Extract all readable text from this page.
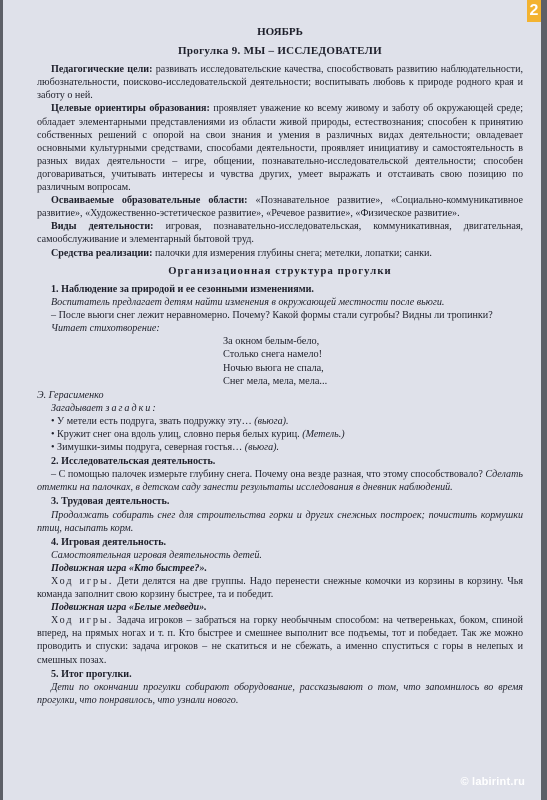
2

НОЯБРЬ

Прогулка 9. МЫ – ИССЛЕДОВАТЕЛИ

Педагогические цели: развивать исследовательские качества, способствовать развитию наблюдательности, любознательности, поисково-исследовательской деятельности; воспитывать любовь к природе родного края и заботу о ней.

Целевые ориентиры образования: проявляет уважение ко всему живому и заботу об окружающей среде; обладает элементарными представлениями из области живой природы, естествознания; способен к принятию собственных решений с опорой на свои знания и умения в различных видах деятельности; овладевает основными культурными средствами, способами деятельности, проявляет инициативу и самостоятельность в разных видах деятельности – игре, общении, познавательно-исследовательской деятельности; способен договариваться, учитывать интересы и чувства других, умеет выражать и отстаивать свою позицию по различным вопросам.

Осваиваемые образовательные области: «Познавательное развитие», «Социально-коммуникативное развитие», «Художественно-эстетическое развитие», «Речевое развитие», «Физическое развитие».

Виды деятельности: игровая, познавательно-исследовательская, коммуникативная, двигательная, самообслуживание и элементарный бытовой труд.

Средства реализации: палочки для измерения глубины снега; метелки, лопатки; санки.

Организационная структура прогулки

1. Наблюдение за природой и ее сезонными изменениями.

Воспитатель предлагает детям найти изменения в окружающей местности после вьюги.

– После вьюги снег лежит неравномерно. Почему? Какой формы стали сугробы? Видны ли тропинки?

Читает стихотворение:

За окном белым-бело,

Столько снега намело!

Ночью вьюга не спала,

Снег мела, мела, мела...

Э. Герасименко

Загадывает загадки:

• У метели есть подруга, звать подружку эту… (вьюга).

• Кружит снег она вдоль улиц, словно перья белых куриц. (Метель.)

• Зимушки-зимы подруга, северная гостья… (вьюга).

2. Исследовательская деятельность.

– С помощью палочек измерьте глубину снега. Почему она везде разная, что этому способствовало? Сделать отметки на палочках, в детском саду занести результаты исследования в дневник наблюдений.

3. Трудовая деятельность.

Продолжать собирать снег для строительства горки и других снежных построек; почистить кормушки птиц, насыпать корм.

4. Игровая деятельность.

Самостоятельная игровая деятельность детей.

Подвижная игра «Кто быстрее?».

Ход игры. Дети делятся на две группы. Надо перенести снежные комочки из корзины в корзину. Чья команда заполнит свою корзину быстрее, та и победит.

Подвижная игра «Белые медведи».

Ход игры. Задача игроков – забраться на горку необычным способом: на четвереньках, боком, спиной вперед, на прямых ногах и т. п. Кто быстрее и смешнее выполнит все подъемы, тот и победает. Так же можно проводить и спуски: задача игроков – не скатиться и не сбежать, а именно спуститься с горы в нелепых и смешных позах.

5. Итог прогулки.

Дети по окончании прогулки собирают оборудование, рассказывают о том, что запомнилось во время прогулки, что понравилось, что узнали нового.

© labirint.ru
